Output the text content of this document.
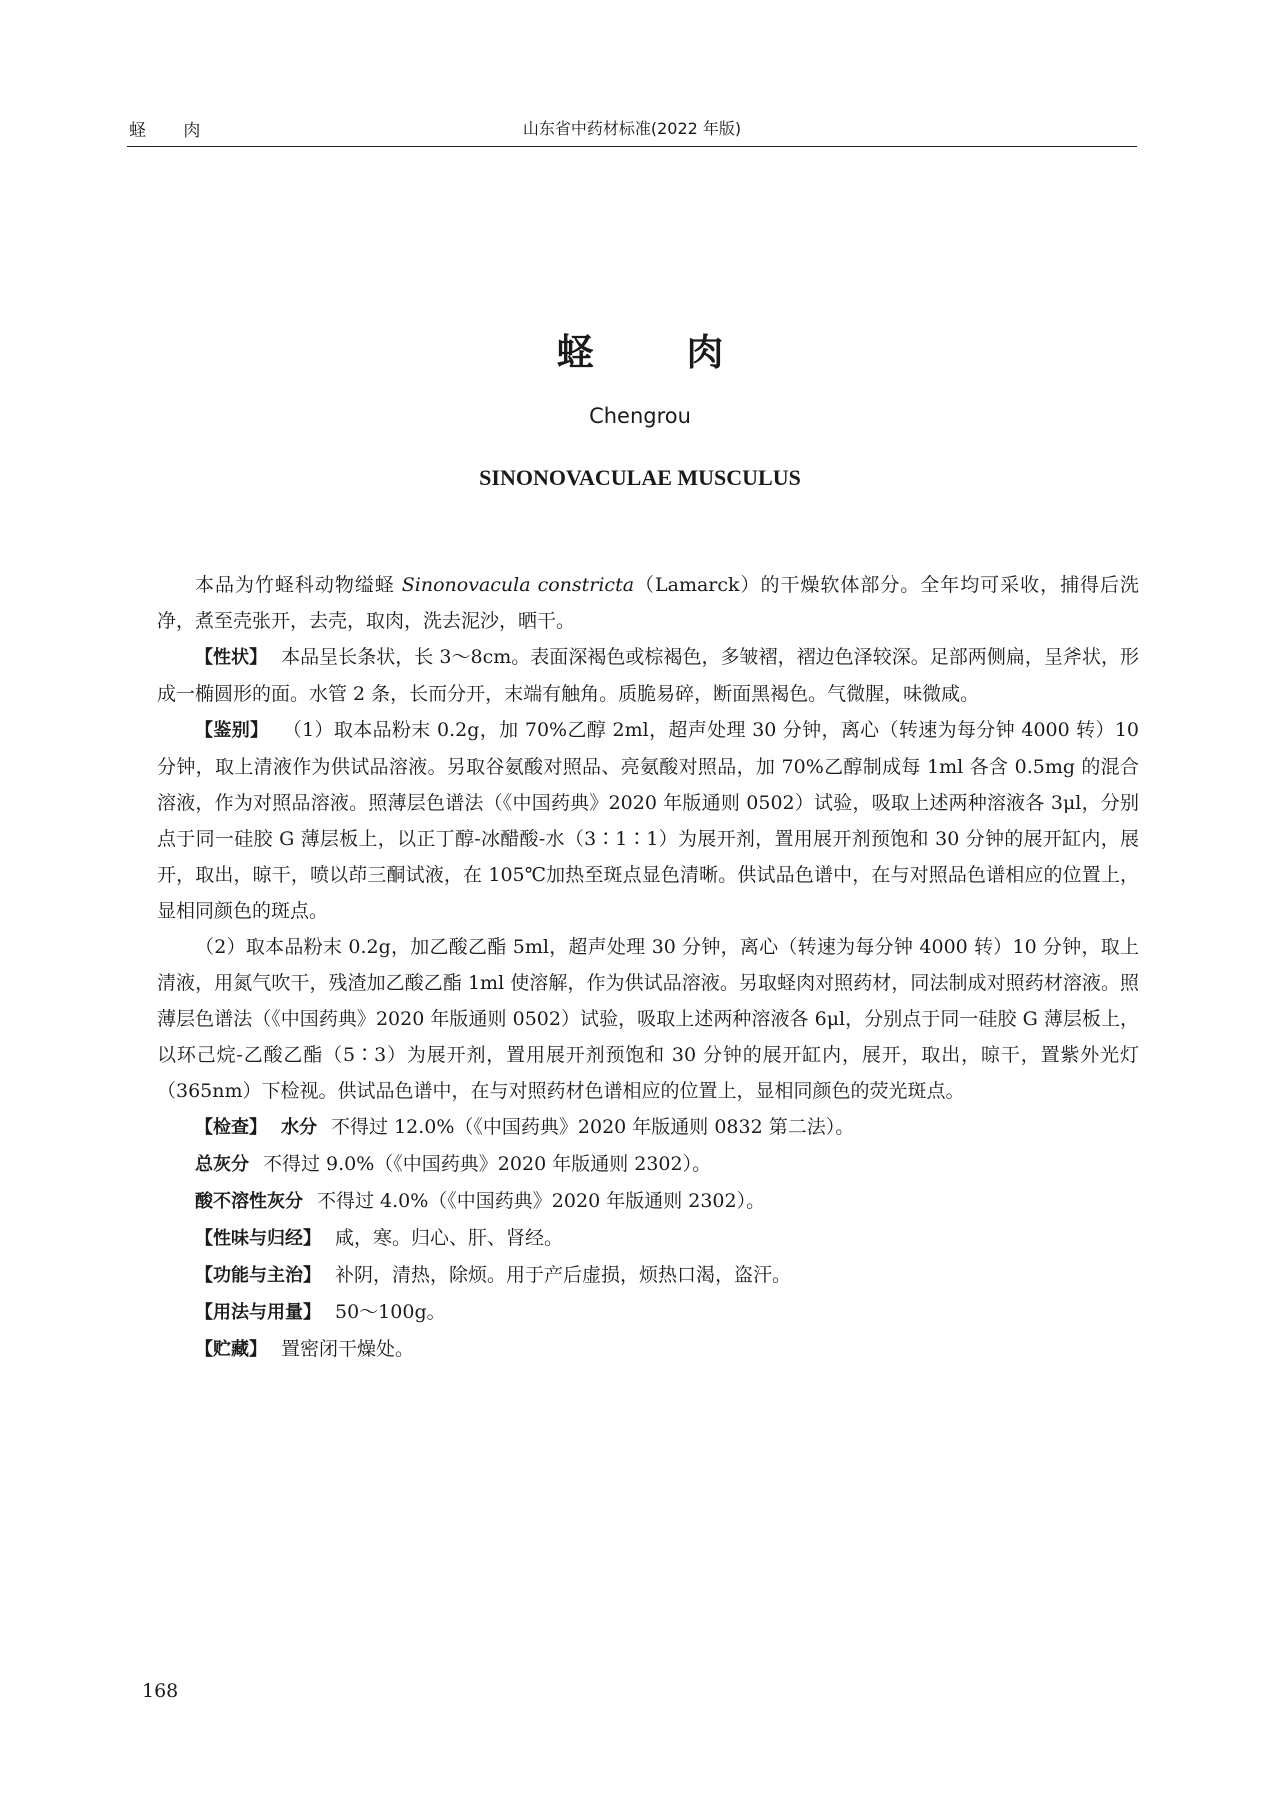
蛏 肉	山东省中药材标准(2022 年版)
蛏 肉
Chengrou
SINONOVACULAE MUSCULUS

本品为竹蛏科动物缢蛏 Sinonovacula constricta（Lamarck）的干燥软体部分。全年均可采收，捕得后洗净，煮至壳张开，去壳，取肉，洗去泥沙，晒干。

【性状】 本品呈长条状，长 3～8cm。表面深褐色或棕褐色，多皱褶，褶边色泽较深。足部两侧扁，呈斧状，形成一椭圆形的面。水管 2 条，长而分开，末端有触角。质脆易碎，断面黑褐色。气微腥，味微咸。

【鉴别】 （1）取本品粉末 0.2g，加 70%乙醇 2ml，超声处理 30 分钟，离心（转速为每分钟 4000 转）10 分钟，取上清液作为供试品溶液。另取谷氨酸对照品、亮氨酸对照品，加 70%乙醇制成每 1ml 各含 0.5mg 的混合溶液，作为对照品溶液。照薄层色谱法（《中国药典》2020 年版通则 0502）试验，吸取上述两种溶液各 3μl，分别点于同一硅胶 G 薄层板上，以正丁醇-冰醋酸-水（3∶1∶1）为展开剂，置用展开剂预饱和 30 分钟的展开缸内，展开，取出，晾干，喷以茚三酮试液，在 105℃加热至斑点显色清晰。供试品色谱中，在与对照品色谱相应的位置上，显相同颜色的斑点。

（2）取本品粉末 0.2g，加乙酸乙酯 5ml，超声处理 30 分钟，离心（转速为每分钟 4000 转）10 分钟，取上清液，用氮气吹干，残渣加乙酸乙酯 1ml 使溶解，作为供试品溶液。另取蛏肉对照药材，同法制成对照药材溶液。照薄层色谱法（《中国药典》2020 年版通则 0502）试验，吸取上述两种溶液各 6μl，分别点于同一硅胶 G 薄层板上，以环己烷-乙酸乙酯（5∶3）为展开剂，置用展开剂预饱和 30 分钟的展开缸内，展开，取出，晾干，置紫外光灯（365nm）下检视。供试品色谱中，在与对照药材色谱相应的位置上，显相同颜色的荧光斑点。

【检查】 水分 不得过 12.0%（《中国药典》2020 年版通则 0832 第二法）。

总灰分 不得过 9.0%（《中国药典》2020 年版通则 2302）。

酸不溶性灰分 不得过 4.0%（《中国药典》2020 年版通则 2302）。

【性味与归经】 咸，寒。归心、肝、肾经。

【功能与主治】 补阴，清热，除烦。用于产后虚损，烦热口渴，盗汗。

【用法与用量】 50～100g。

【贮藏】 置密闭干燥处。

168
